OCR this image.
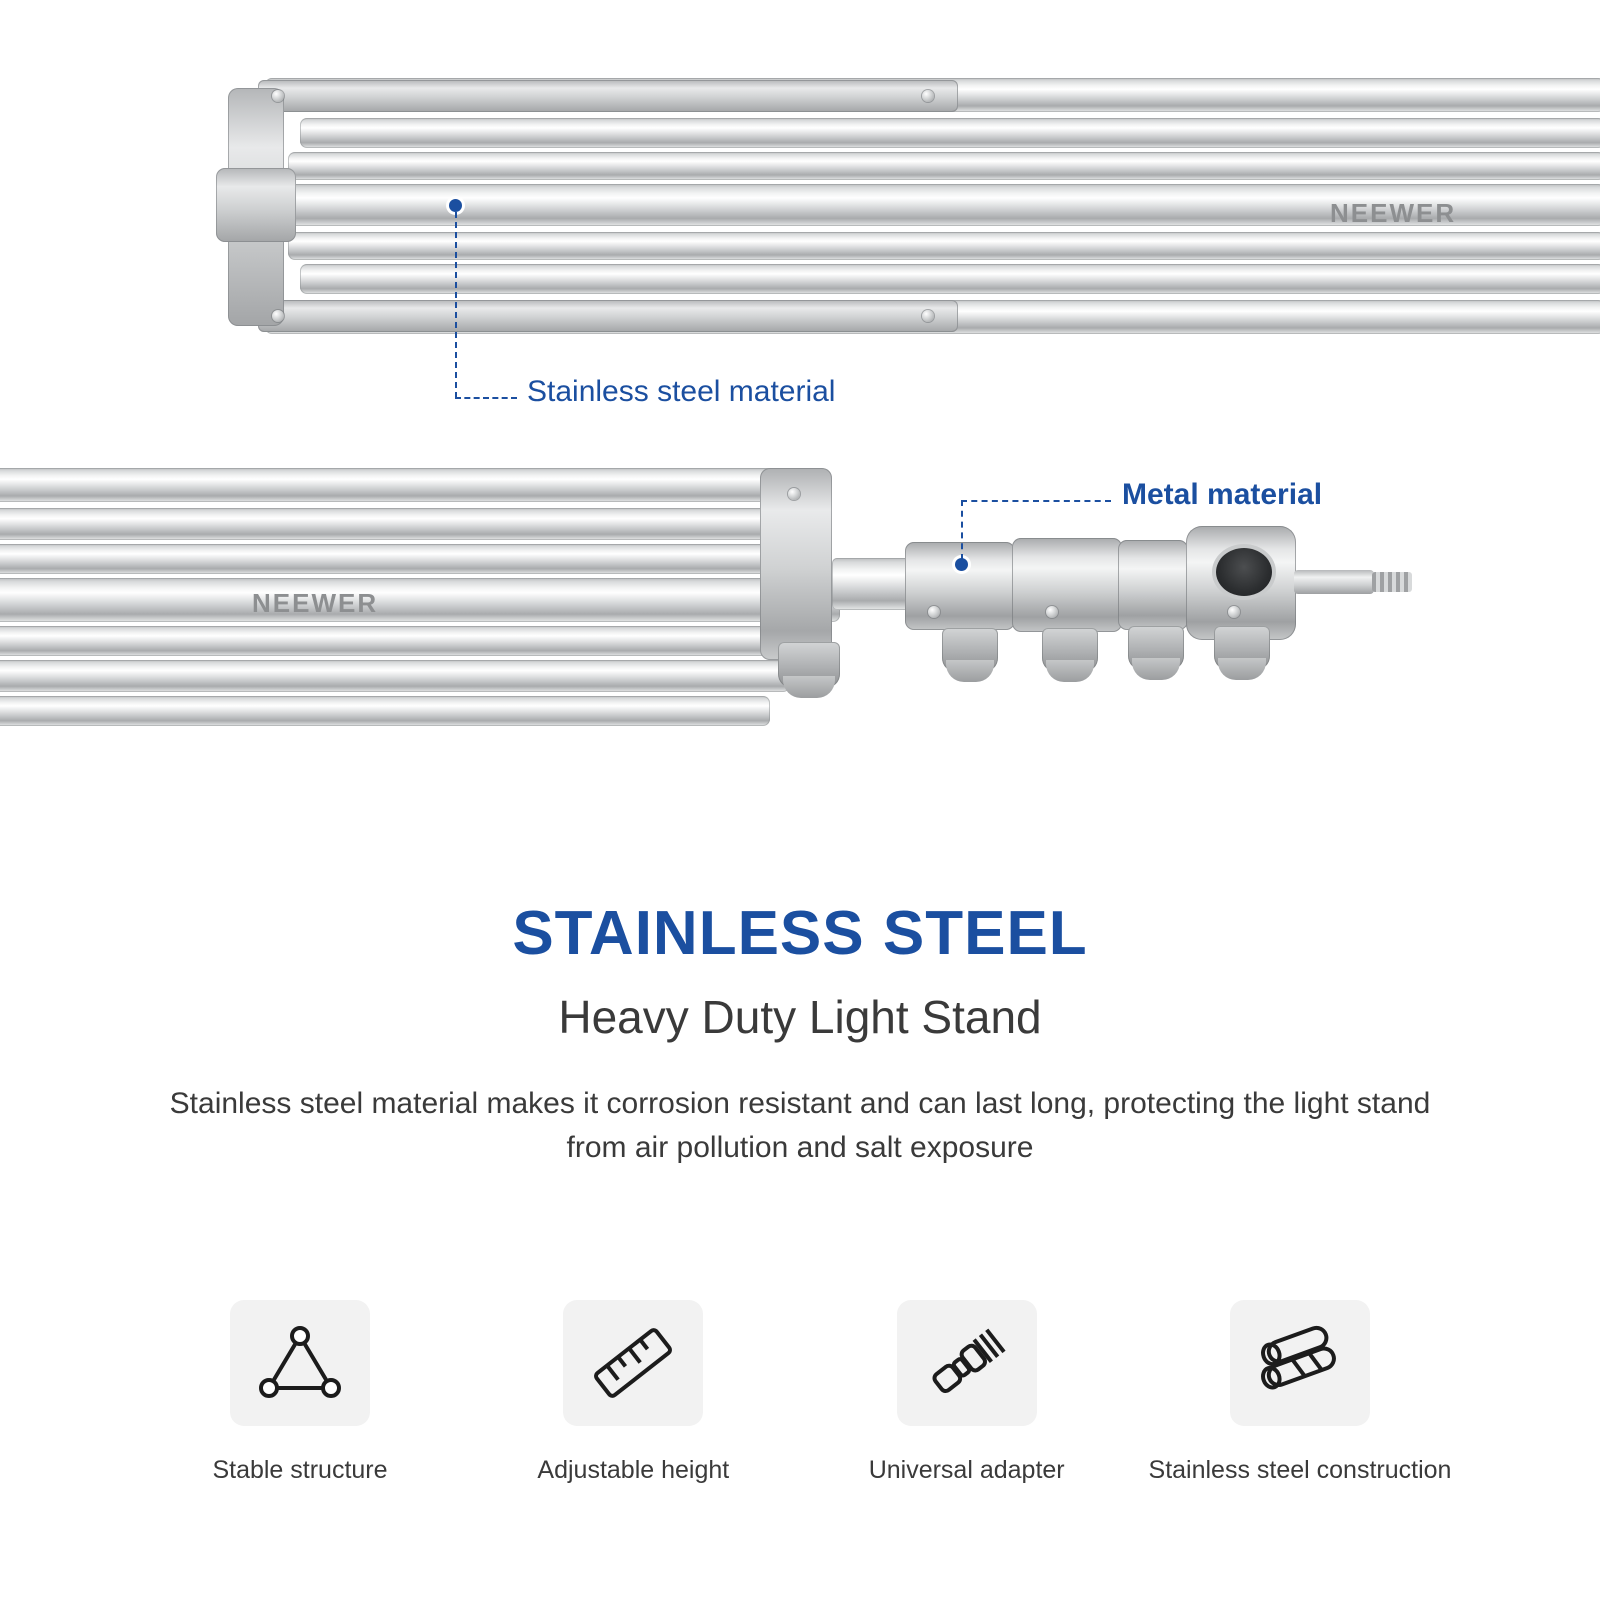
NEEWER
Stainless steel material
NEEWER
Metal material
STAINLESS STEEL
Heavy Duty Light Stand
Stainless steel material makes it corrosion resistant and can last long, protecting the light stand from air pollution and salt exposure
Stable structure	Adjustable height	Universal adapter	Stainless steel construction
